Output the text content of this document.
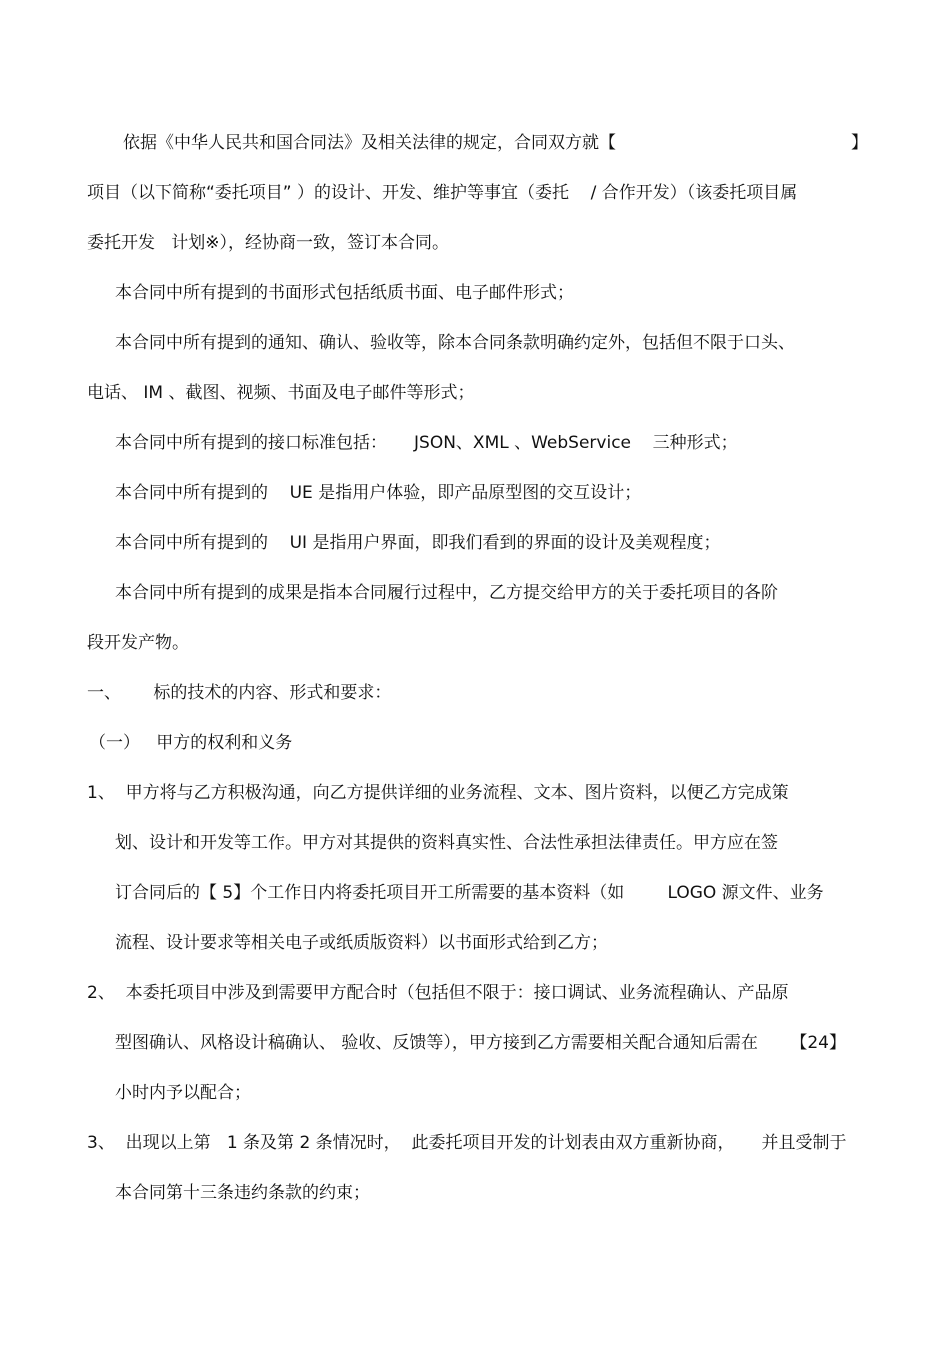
依据《中华人民共和国合同法》及相关法律的规定，合同双方就【	】
项目（以下简称“委托项目” ）的设计、开发、维护等事宜（委托    / 合作开发）（该委托项目属
委托开发   计划※），经协商一致，签订本合同。
本合同中所有提到的书面形式包括纸质书面、电子邮件形式；
本合同中所有提到的通知、确认、验收等，除本合同条款明确约定外，包括但不限于口头、
电话、 IM 、截图、视频、书面及电子邮件等形式；
本合同中所有提到的接口标准包括：     JSON、XML 、WebService    三种形式；
本合同中所有提到的    UE 是指用户体验，即产品原型图的交互设计；
本合同中所有提到的    UI 是指用户界面，即我们看到的界面的设计及美观程度；
本合同中所有提到的成果是指本合同履行过程中，乙方提交给甲方的关于委托项目的各阶
段开发产物。
一、      标的技术的内容、形式和要求：
（一）   甲方的权利和义务
1、  甲方将与乙方积极沟通，向乙方提供详细的业务流程、文本、图片资料，以便乙方完成策
划、设计和开发等工作。甲方对其提供的资料真实性、合法性承担法律责任。甲方应在签
订合同后的【 5】个工作日内将委托项目开工所需要的基本资料（如        LOGO 源文件、业务
流程、设计要求等相关电子或纸质版资料）以书面形式给到乙方；
2、  本委托项目中涉及到需要甲方配合时（包括但不限于：接口调试、业务流程确认、产品原
型图确认、风格设计稿确认、 验收、反馈等），甲方接到乙方需要相关配合通知后需在      【24】
小时内予以配合；
3、  出现以上第   1 条及第 2 条情况时，  此委托项目开发的计划表由双方重新协商，     并且受制于
本合同第十三条违约条款的约束；
